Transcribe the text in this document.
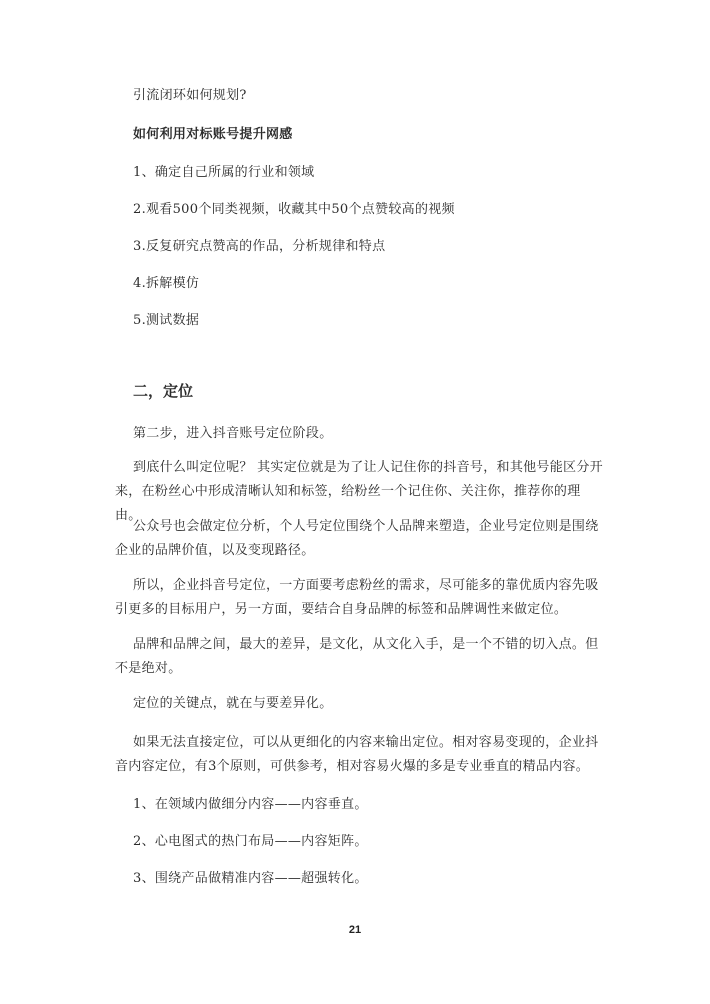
引流闭环如何规划?
如何利用对标账号提升网感
1、确定自己所属的行业和领域
2.观看500个同类视频，收藏其中50个点赞较高的视频
3.反复研究点赞高的作品，分析规律和特点
4.拆解模仿
5.测试数据
二，定位
第二步，进入抖音账号定位阶段。
到底什么叫定位呢？ 其实定位就是为了让人记住你的抖音号，和其他号能区分开来，在粉丝心中形成清晰认知和标签，给粉丝一个记住你、关注你，推荐你的理由。
公众号也会做定位分析，个人号定位围绕个人品牌来塑造，企业号定位则是围绕企业的品牌价值，以及变现路径。
所以，企业抖音号定位，一方面要考虑粉丝的需求，尽可能多的靠优质内容先吸引更多的目标用户，另一方面，要结合自身品牌的标签和品牌调性来做定位。
品牌和品牌之间，最大的差异，是文化，从文化入手，是一个不错的切入点。但不是绝对。
定位的关键点，就在与要差异化。
如果无法直接定位，可以从更细化的内容来输出定位。相对容易变现的，企业抖音内容定位，有3个原则，可供参考，相对容易火爆的多是专业垂直的精品内容。
1、在领域内做细分内容——内容垂直。
2、心电图式的热门布局——内容矩阵。
3、围绕产品做精准内容——超强转化。
21
